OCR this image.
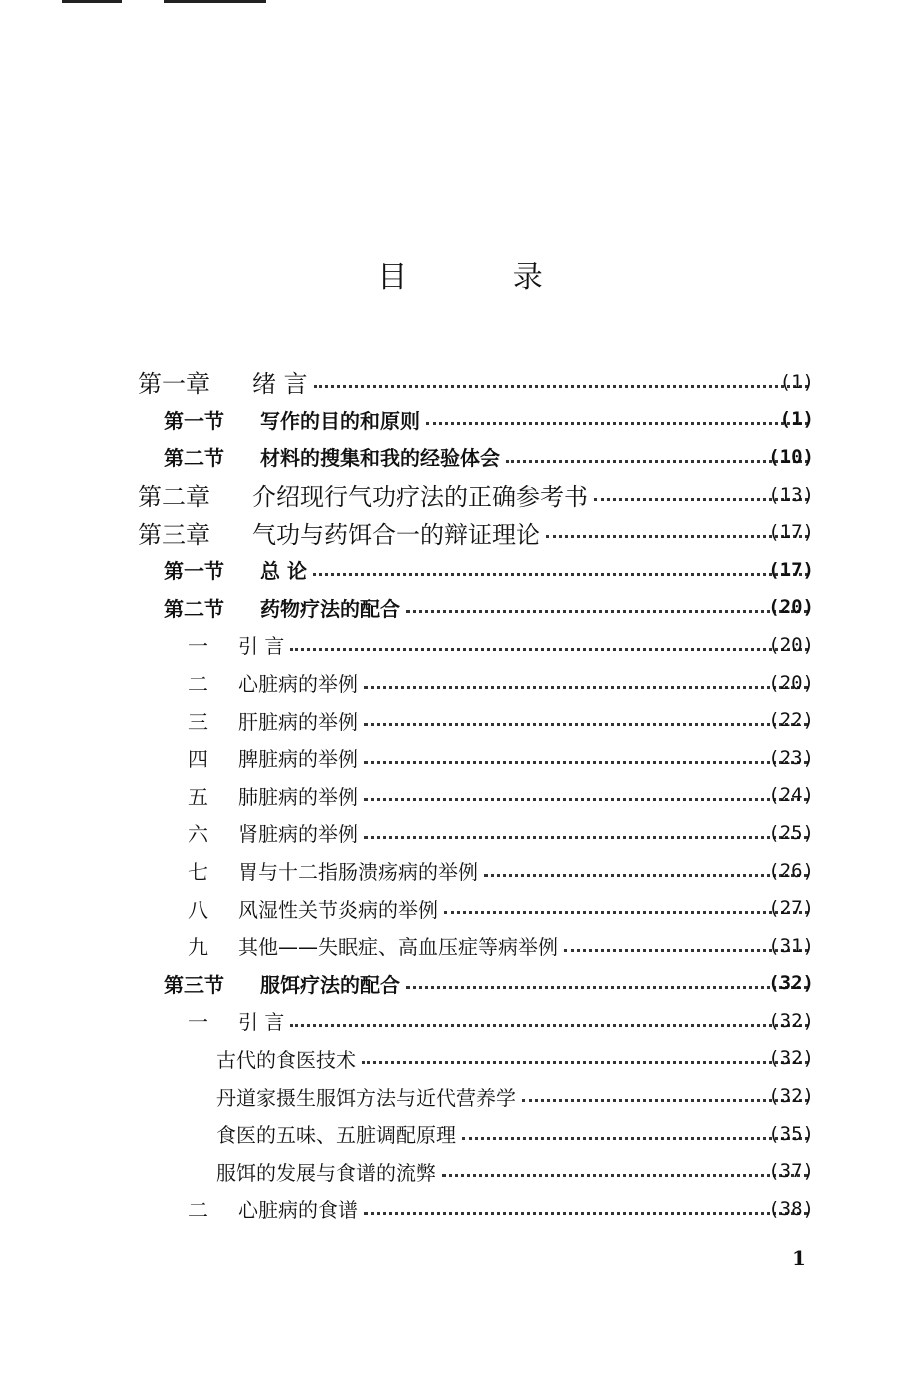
目 录
第一章	绪 言	(1)
第一节	写作的目的和原则	(1)
第二节	材料的搜集和我的经验体会	(10)
第二章	介绍现行气功疗法的正确参考书	(13)
第三章	气功与药饵合一的辩证理论	(17)
第一节	总 论	(17)
第二节	药物疗法的配合	(20)
一	引 言	(20)
二	心脏病的举例	(20)
三	肝脏病的举例	(22)
四	脾脏病的举例	(23)
五	肺脏病的举例	(24)
六	肾脏病的举例	(25)
七	胃与十二指肠溃疡病的举例	(26)
八	风湿性关节炎病的举例	(27)
九	其他——失眠症、高血压症等病举例	(31)
第三节	服饵疗法的配合	(32)
一	引 言	(32)
古代的食医技术	(32)
丹道家摄生服饵方法与近代营养学	(32)
食医的五味、五脏调配原理	(35)
服饵的发展与食谱的流弊	(37)
二	心脏病的食谱	(38)
1
